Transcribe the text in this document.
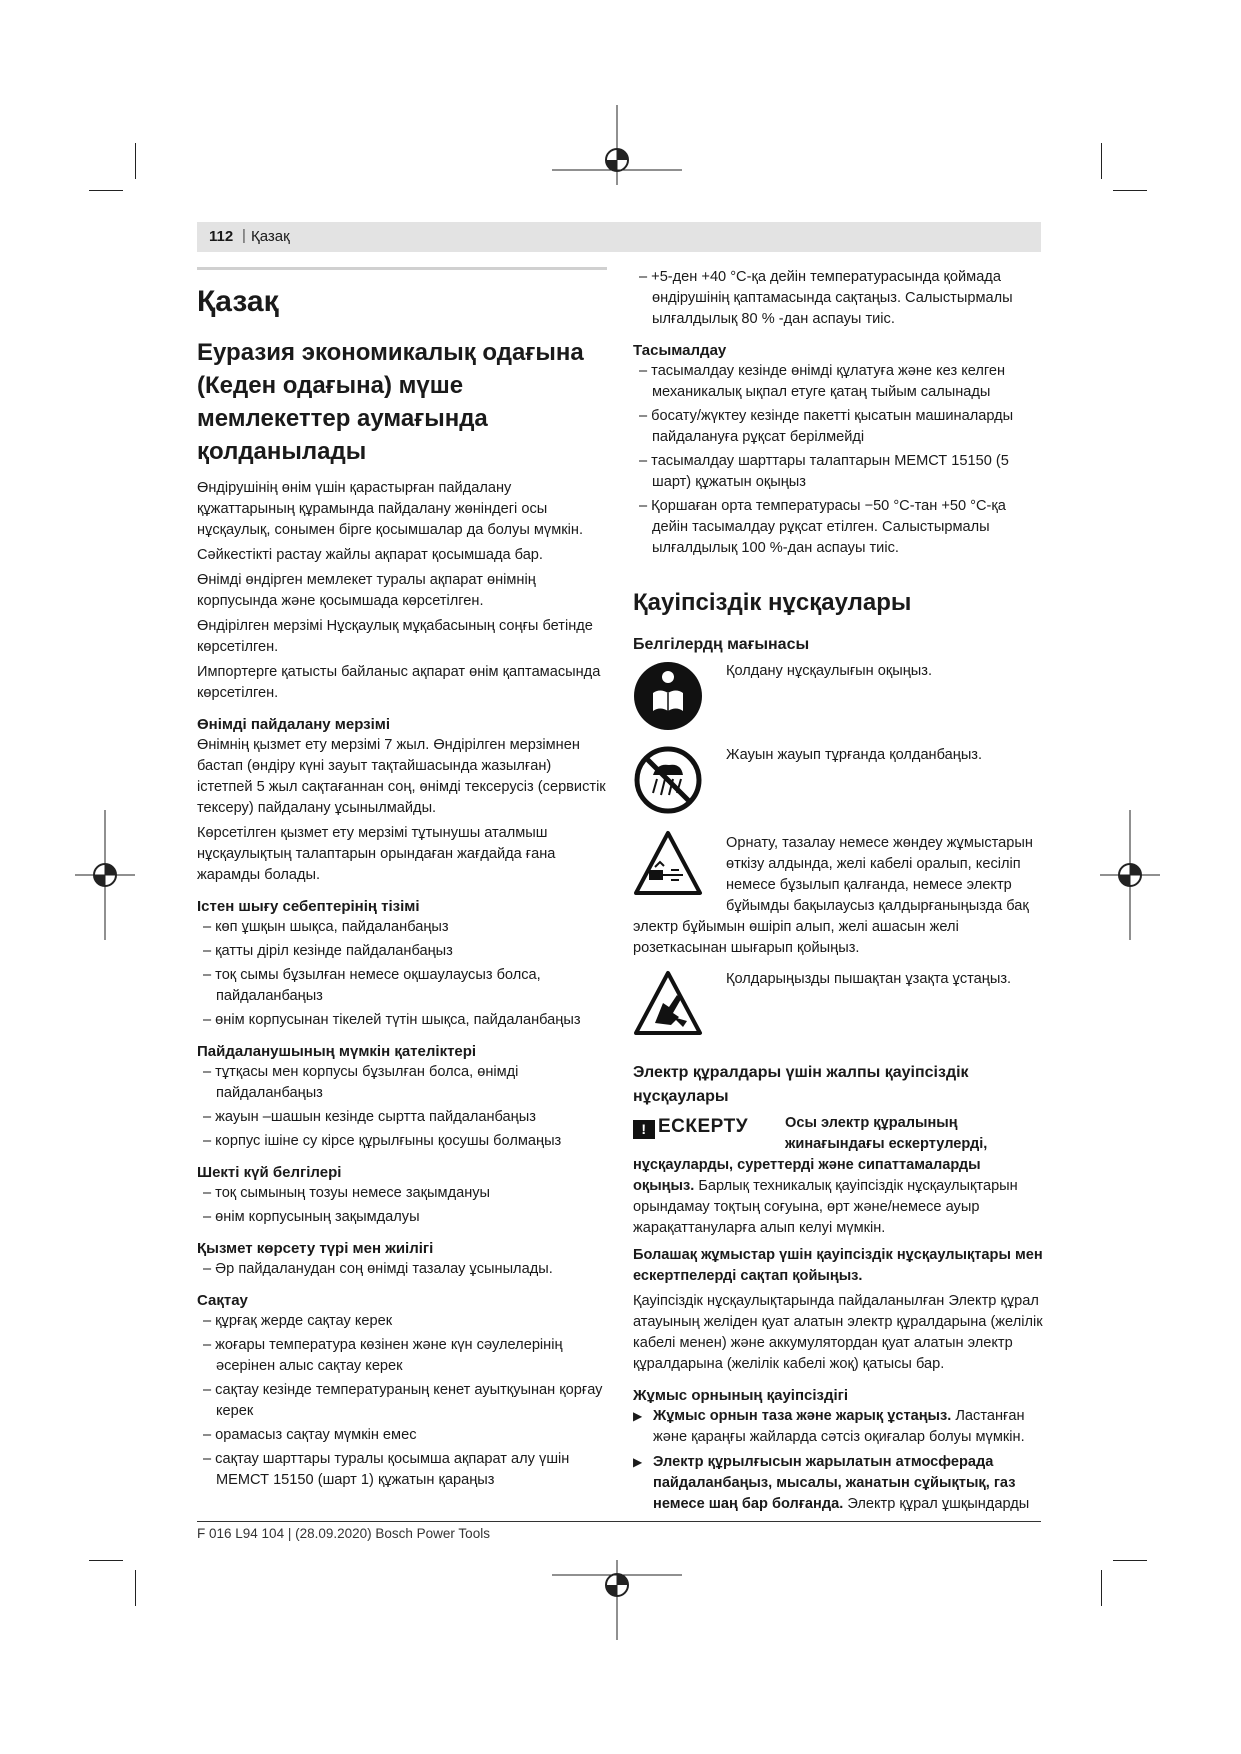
112 | Қазақ
Қазақ
Еуразия экономикалық одағына (Кеден одағына) мүше мемлекеттер аумағында қолданылады

Өндірушінің өнім үшін қарастырған пайдалану құжаттарының құрамында пайдалану жөніндегі осы нұсқаулық, сонымен бірге қосымшалар да болуы мүмкін.

Сәйкестікті растау жайлы ақпарат қосымшада бар.

Өнімді өндірген мемлекет туралы ақпарат өнімнің корпусында және қосымшада көрсетілген.

Өндірілген мерзімі Нұсқаулық мұқабасының соңғы бетінде көрсетілген.

Импортерге қатысты байланыс ақпарат өнім қаптамасында көрсетілген.

Өнімді пайдалану мерзімі

Өнімнің қызмет ету мерзімі 7 жыл. Өндірілген мерзімнен бастап (өндіру күні зауыт тақтайшасында жазылған) істетпей 5 жыл сақтағаннан соң, өнімді тексерусіз (сервистік тексеру) пайдалану ұсынылмайды.

Көрсетілген қызмет ету мерзімі тұтынушы аталмыш нұсқаулықтың талаптарын орындаған жағдайда ғана жарамды болады.

Істен шығу себептерінің тізімі
– көп ұшқын шықса, пайдаланбаңыз
– қатты діріл кезінде пайдаланбаңыз
– тоқ сымы бұзылған немесе оқшаулаусыз болса, пайдаланбаңыз
– өнім корпусынан тікелей түтін шықса, пайдаланбаңыз
Пайдаланушының мүмкін қателіктері
– тұтқасы мен корпусы бұзылған болса, өнімді пайдаланбаңыз
– жауын –шашын кезінде сыртта пайдаланбаңыз
– корпус ішіне су кірсе құрылғыны қосушы болмаңыз
Шекті күй белгілері
– тоқ сымының тозуы немесе зақымдануы
– өнім корпусының зақымдалуы
Қызмет көрсету түрі мен жиілігі
– Әр пайдаланудан соң өнімді тазалау ұсынылады.
Сақтау
– құрғақ жерде сақтау керек
– жоғары температура көзінен және күн сәулелерінің әсерінен алыс сақтау керек
– сақтау кезінде температураның кенет ауытқуынан қорғау керек
– орамасыз сақтау мүмкін емес
– сақтау шарттары туралы қосымша ақпарат алу үшін МЕМСТ 15150 (шарт 1) құжатын қараңыз
– +5-ден +40 °C-қа дейін температурасында қоймада өндірушінің қаптамасында сақтаңыз. Салыстырмалы ылғалдылық 80 % -дан аспауы тиіс.
Тасымалдау
– тасымалдау кезінде өнімді құлатуға және кез келген механикалық ықпал етуге қатаң тыйым салынады
– босату/жүктеу кезінде пакетті қысатын машиналарды пайдалануға рұқсат берілмейді
– тасымалдау шарттары талаптарын МЕМСТ 15150 (5 шарт) құжатын оқыңыз
– Қоршаған орта температурасы −50 °C-тан +50 °C-қа дейін тасымалдау рұқсат етілген. Салыстырмалы ылғалдылық 100 %-дан аспауы тиіс.
Қауіпсіздік нұсқаулары
Белгілердң мағынасы
Қолдану нұсқаулығын оқыңыз.
Жауын жауып тұрғанда қолданбаңыз.
Орнату, тазалау немесе жөндеу жұмыстарын өткізу алдында, желі кабелі оралып, кесіліп немесе бұзылып қалғанда, немесе электр бұйымды бақылаусыз қалдырғаныңызда бақ электр бұйымын өшіріп алып, желі ашасын желі розеткасынан шығарып қойыңыз.
Қолдарыңызды пышақтан ұзақта ұстаңыз.
Электр құралдары үшін жалпы қауіпсіздік нұсқаулары
! ЕСКЕРТУ	Осы электр құралының жинағындағы ескертулерді, нұсқауларды, суреттерді және сипаттамаларды оқыңыз. Барлық техникалық қауіпсіздік нұсқаулықтарын орындамау тоқтың соғуына, өрт және/немесе ауыр жарақаттануларға алып келуі мүмкін.

Болашақ жұмыстар үшін қауіпсіздік нұсқаулықтары мен ескертпелерді сақтап қойыңыз.

Қауіпсіздік нұсқаулықтарында пайдаланылған Электр құрал атауының желіден қуат алатын электр құралдарына (желілік кабелі менен) және аккумулятордан қуат алатын электр құралдарына (желілік кабелі жоқ) қатысы бар.

Жұмыс орнының қауіпсіздігі
▶ Жұмыс орнын таза және жарық ұстаңыз. Ластанған және қараңғы жайларда сәтсіз оқиғалар болуы мүмкін.
▶ Электр құрылғысын жарылатын атмосферада пайдаланбаңыз, мысалы, жанатын сұйықтық, газ немесе шаң бар болғанда. Электр құрал ұшқындарды
F 016 L94 104 | (28.09.2020) Bosch Power Tools
